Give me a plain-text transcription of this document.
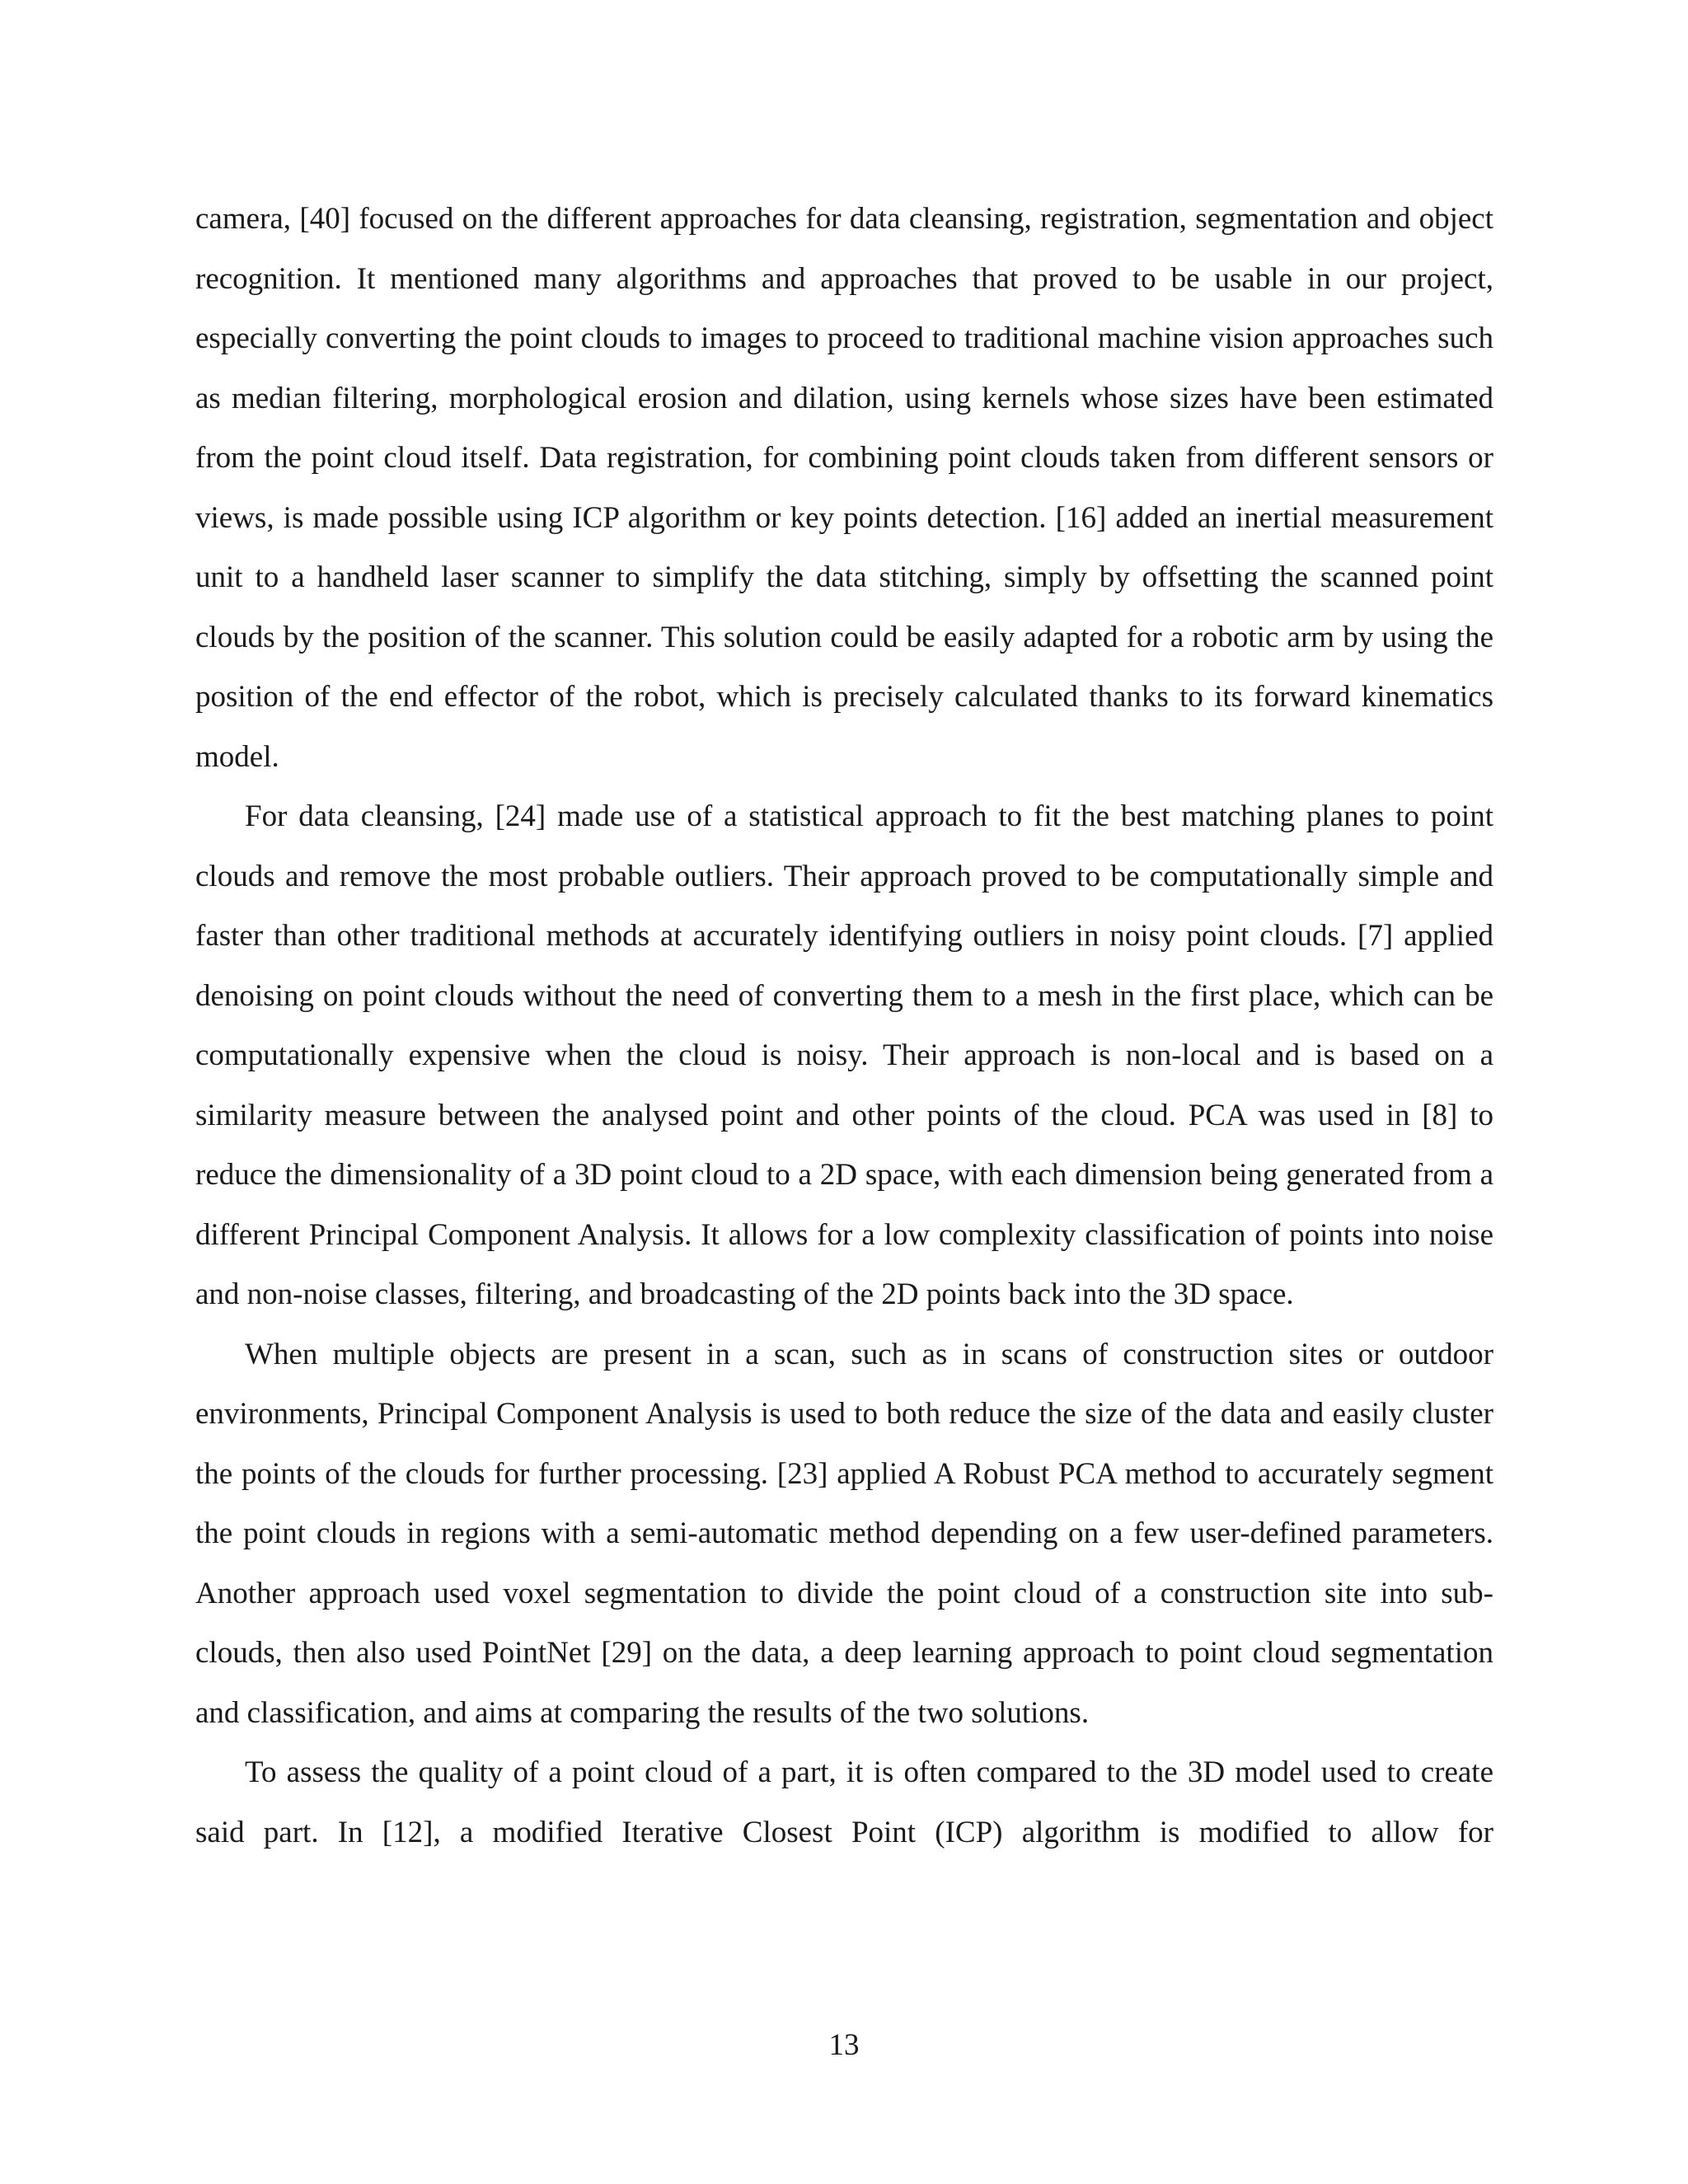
camera, [40] focused on the different approaches for data cleansing, registration, segmentation and object recognition. It mentioned many algorithms and approaches that proved to be usable in our project, especially converting the point clouds to images to proceed to traditional machine vision approaches such as median filtering, morphological erosion and dilation, using kernels whose sizes have been estimated from the point cloud itself. Data registration, for combining point clouds taken from different sensors or views, is made possible using ICP algorithm or key points detection. [16] added an inertial measurement unit to a handheld laser scanner to simplify the data stitching, simply by offsetting the scanned point clouds by the position of the scanner. This solution could be easily adapted for a robotic arm by using the position of the end effector of the robot, which is precisely calculated thanks to its forward kinematics model.

For data cleansing, [24] made use of a statistical approach to fit the best matching planes to point clouds and remove the most probable outliers. Their approach proved to be computationally simple and faster than other traditional methods at accurately identifying outliers in noisy point clouds. [7] applied denoising on point clouds without the need of converting them to a mesh in the first place, which can be computationally expensive when the cloud is noisy. Their approach is non-local and is based on a similarity measure between the analysed point and other points of the cloud. PCA was used in [8] to reduce the dimensionality of a 3D point cloud to a 2D space, with each dimension being generated from a different Principal Component Analysis. It allows for a low complexity classification of points into noise and non-noise classes, filtering, and broadcasting of the 2D points back into the 3D space.

When multiple objects are present in a scan, such as in scans of construction sites or outdoor environments, Principal Component Analysis is used to both reduce the size of the data and easily cluster the points of the clouds for further processing. [23] applied A Robust PCA method to accurately segment the point clouds in regions with a semi-automatic method depending on a few user-defined parameters. Another approach used voxel segmentation to divide the point cloud of a construction site into sub-clouds, then also used PointNet [29] on the data, a deep learning approach to point cloud segmentation and classification, and aims at comparing the results of the two solutions.

To assess the quality of a point cloud of a part, it is often compared to the 3D model used to create said part. In [12], a modified Iterative Closest Point (ICP) algorithm is modified to allow for

13
